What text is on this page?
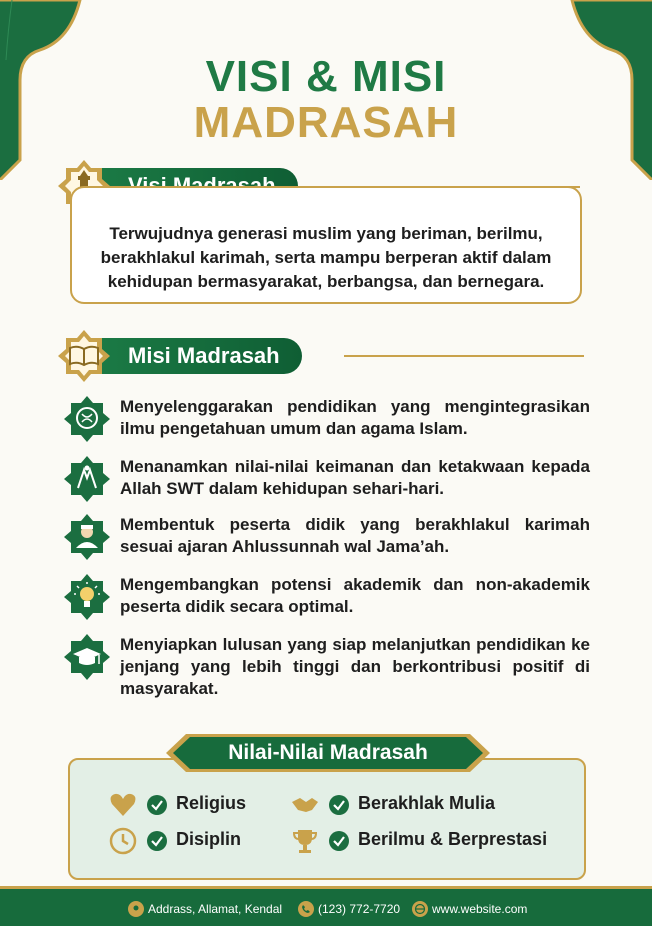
VISI & MISI
MADRASAH
Terwujudnya generasi muslim yang beriman, berilmu, berakhlakul karimah, serta mampu berperan aktif dalam kehidupan bermasyarakat, berbangsa, dan bernegara.
Misi Madrasah
Menyelenggarakan pendidikan yang mengintegrasikan ilmu pengetahuan umum dan agama Islam.
Menanamkan nilai-nilai keimanan dan ketakwaan kepada Allah SWT dalam kehidupan sehari-hari.
Membentuk peserta didik yang berakhlakul karimah sesuai ajaran Ahlussunnah wal Jama’ah.
Mengembangkan potensi akademik dan non-akademik peserta didik secara optimal.
Menyiapkan lulusan yang siap melanjutkan pendidikan ke jenjang yang lebih tinggi dan berkontribusi positif di masyarakat.
Nilai-Nilai Madrasah
Religius	Berakhlak Mulia
Disiplin	Berilmu & Berprestasi
Addrass, Allamat, Kendal	(123) 772-7720	www.website.com
